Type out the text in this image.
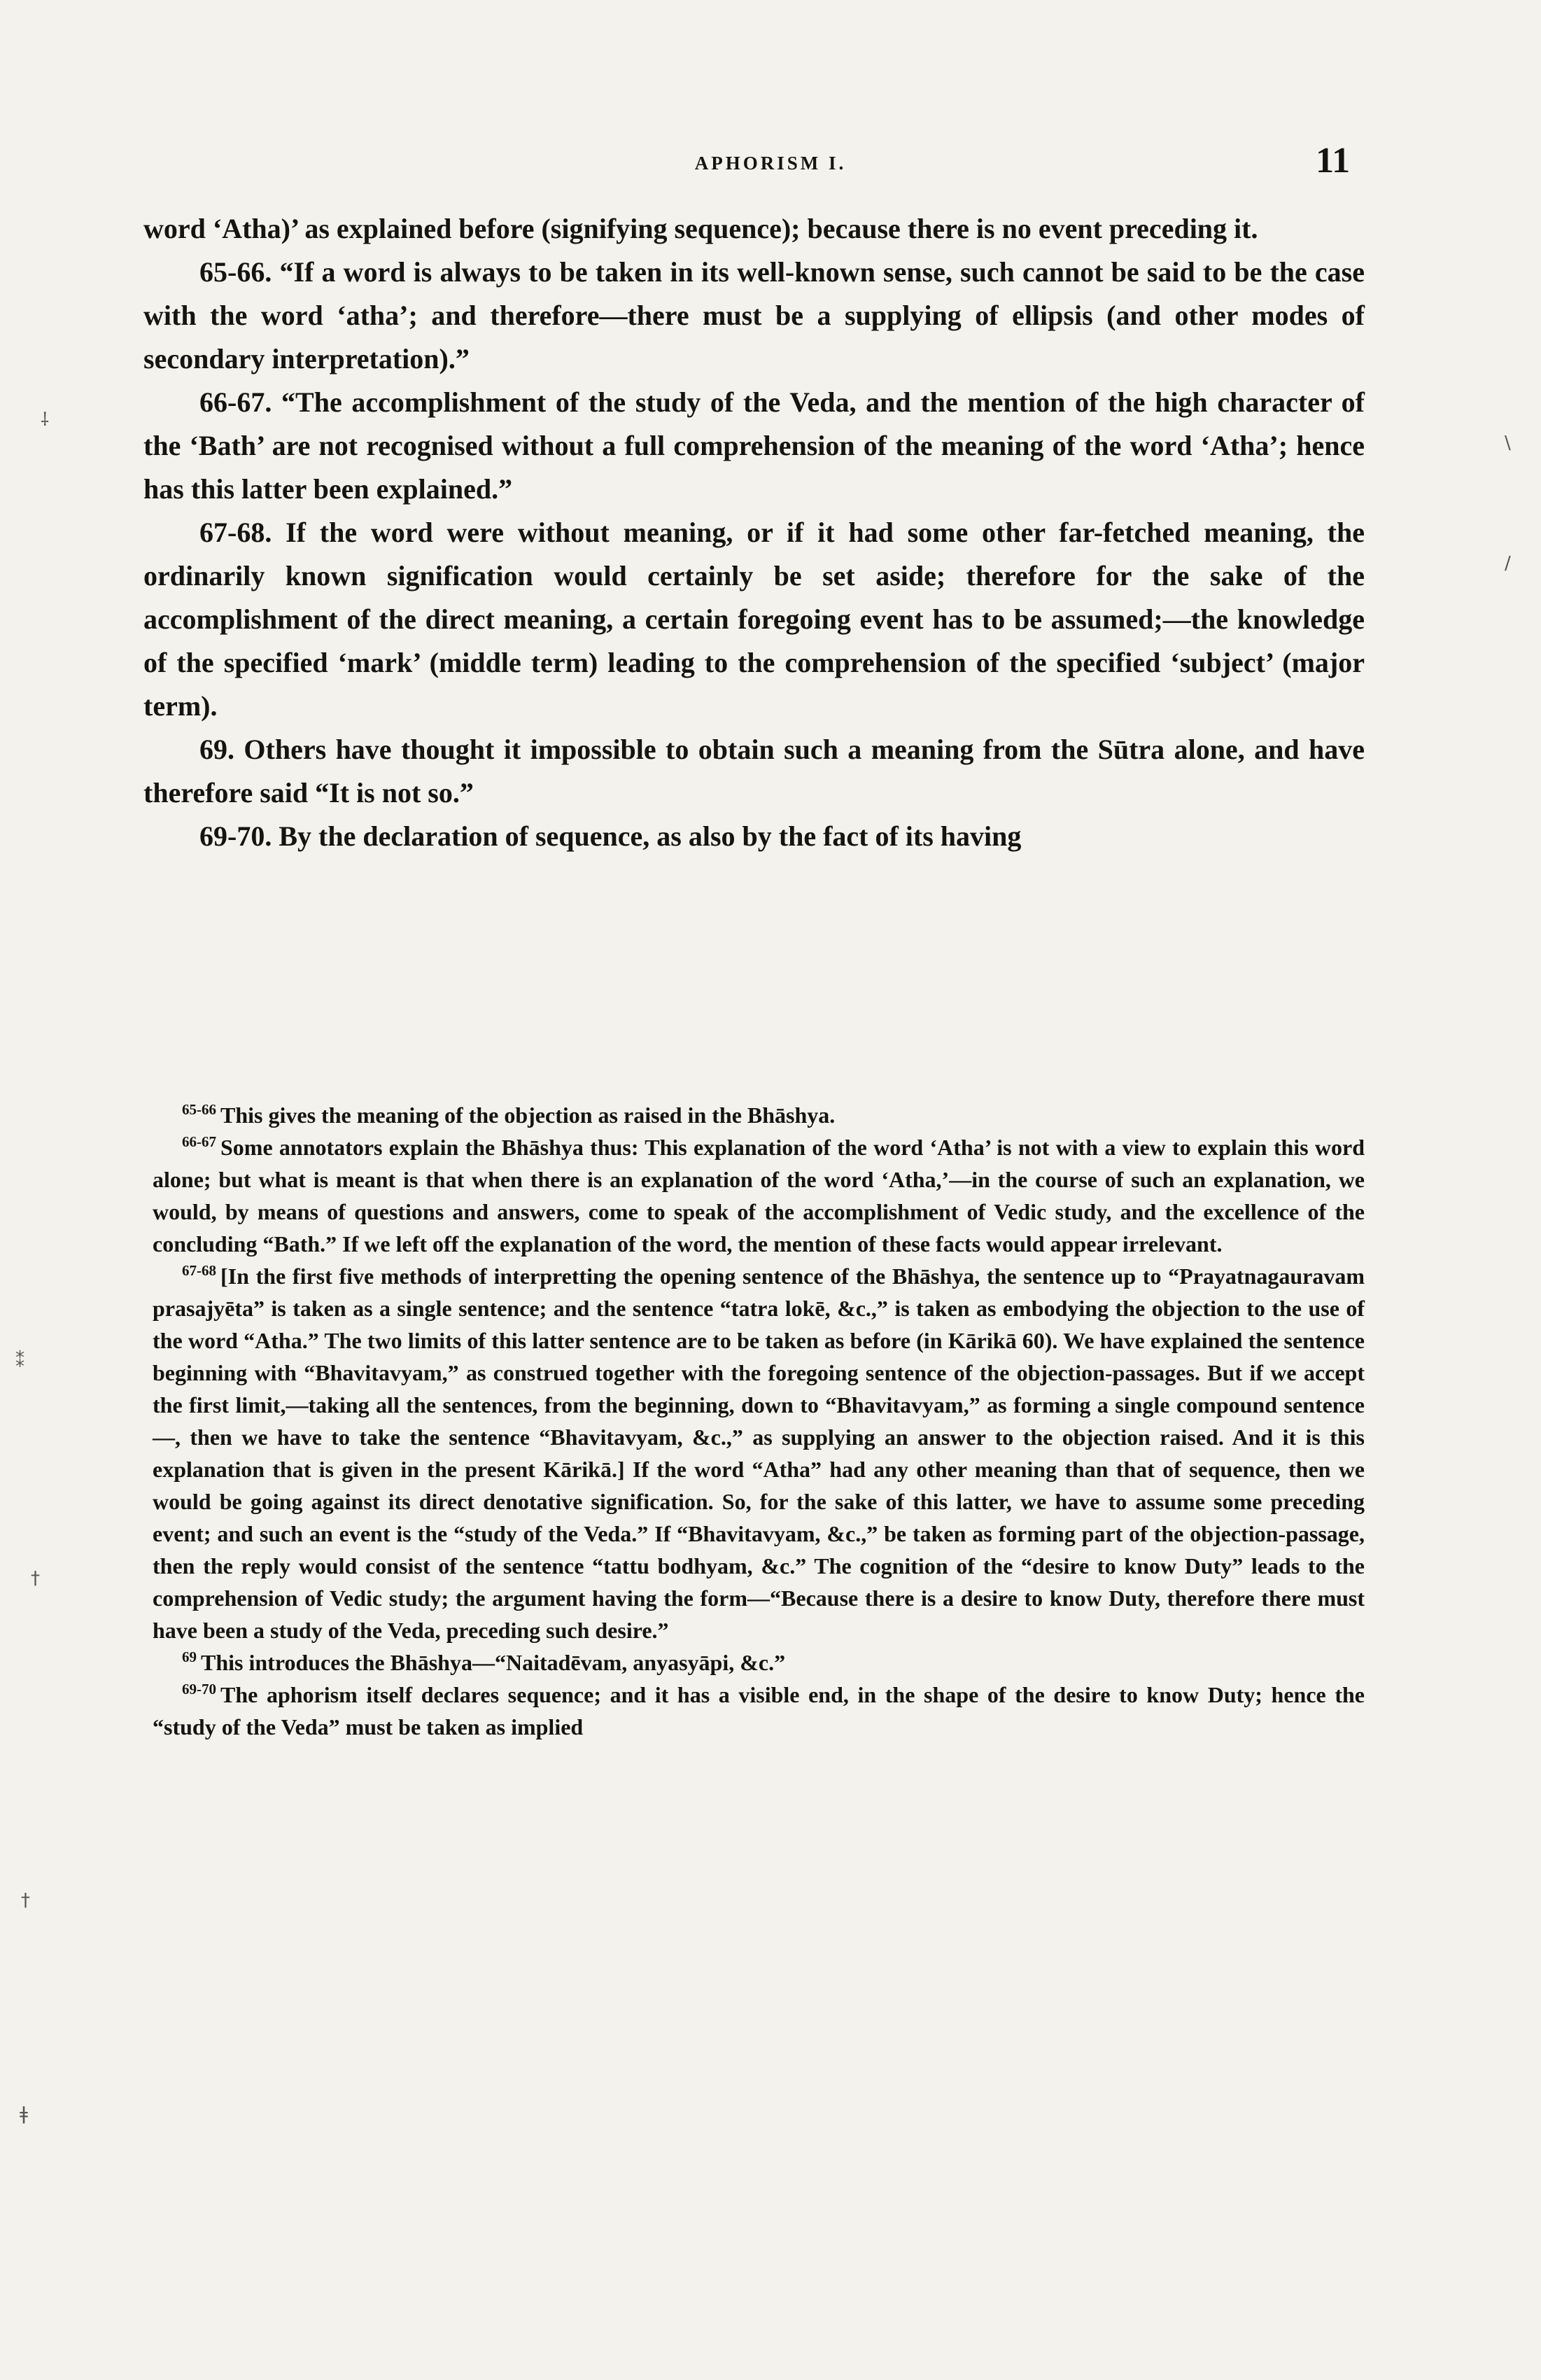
APHORISM I.	11

word ‘Atha)’ as explained before (signifying sequence); because there is no event preceding it.

65-66. “If a word is always to be taken in its well-known sense, such cannot be said to be the case with the word ‘atha’; and therefore—there must be a supplying of ellipsis (and other modes of secondary interpretation).”

66-67. “The accomplishment of the study of the Veda, and the mention of the high character of the ‘Bath’ are not recognised without a full comprehension of the meaning of the word ‘Atha’; hence has this latter been explained.”

67-68. If the word were without meaning, or if it had some other far-fetched meaning, the ordinarily known signification would certainly be set aside; therefore for the sake of the accomplishment of the direct meaning, a certain foregoing event has to be assumed;—the knowledge of the specified ‘mark’ (middle term) leading to the comprehension of the specified ‘subject’ (major term).

69. Others have thought it impossible to obtain such a meaning from the Sūtra alone, and have therefore said “It is not so.”

69-70. By the declaration of sequence, as also by the fact of its having

$^{65-66}$ This gives the meaning of the objection as raised in the Bhāshya.

$^{66-67}$ Some annotators explain the Bhāshya thus: This explanation of the word ‘Atha’ is not with a view to explain this word alone; but what is meant is that when there is an explanation of the word ‘Atha,’—in the course of such an explanation, we would, by means of questions and answers, come to speak of the accomplishment of Vedic study, and the excellence of the concluding “Bath.” If we left off the explanation of the word, the mention of these facts would appear irrelevant.

$^{67-68}$ [In the first five methods of interpretting the opening sentence of the Bhāshya, the sentence up to “Prayatnagauravam prasajyēta” is taken as a single sentence; and the sentence “tatra lokē, &c.,” is taken as embodying the objection to the use of the word “Atha.” The two limits of this latter sentence are to be taken as before (in Kārikā 60). We have explained the sentence beginning with “Bhavitavyam,” as construed together with the foregoing sentence of the objection-passages. But if we accept the first limit,—taking all the sentences, from the beginning, down to “Bhavitavyam,” as forming a single compound sentence—, then we have to take the sentence “Bhavitavyam, &c.,” as supplying an answer to the objection raised. And it is this explanation that is given in the present Kārikā.] If the word “Atha” had any other meaning than that of sequence, then we would be going against its direct denotative signification. So, for the sake of this latter, we have to assume some preceding event; and such an event is the “study of the Veda.” If “Bhavitavyam, &c.,” be taken as forming part of the objection-passage, then the reply would consist of the sentence “tattu bodhyam, &c.” The cognition of the “desire to know Duty” leads to the comprehension of Vedic study; the argument having the form—“Because there is a desire to know Duty, therefore there must have been a study of the Veda, preceding such desire.”

$^{69}$ This introduces the Bhāshya—“Naitadēvam, anyasyāpi, &c.”

$^{69-70}$ The aphorism itself declares sequence; and it has a visible end, in the shape of the desire to know Duty; hence the “study of the Veda” must be taken as implied

⸸
\
/
⁑
†
†
ǂ
